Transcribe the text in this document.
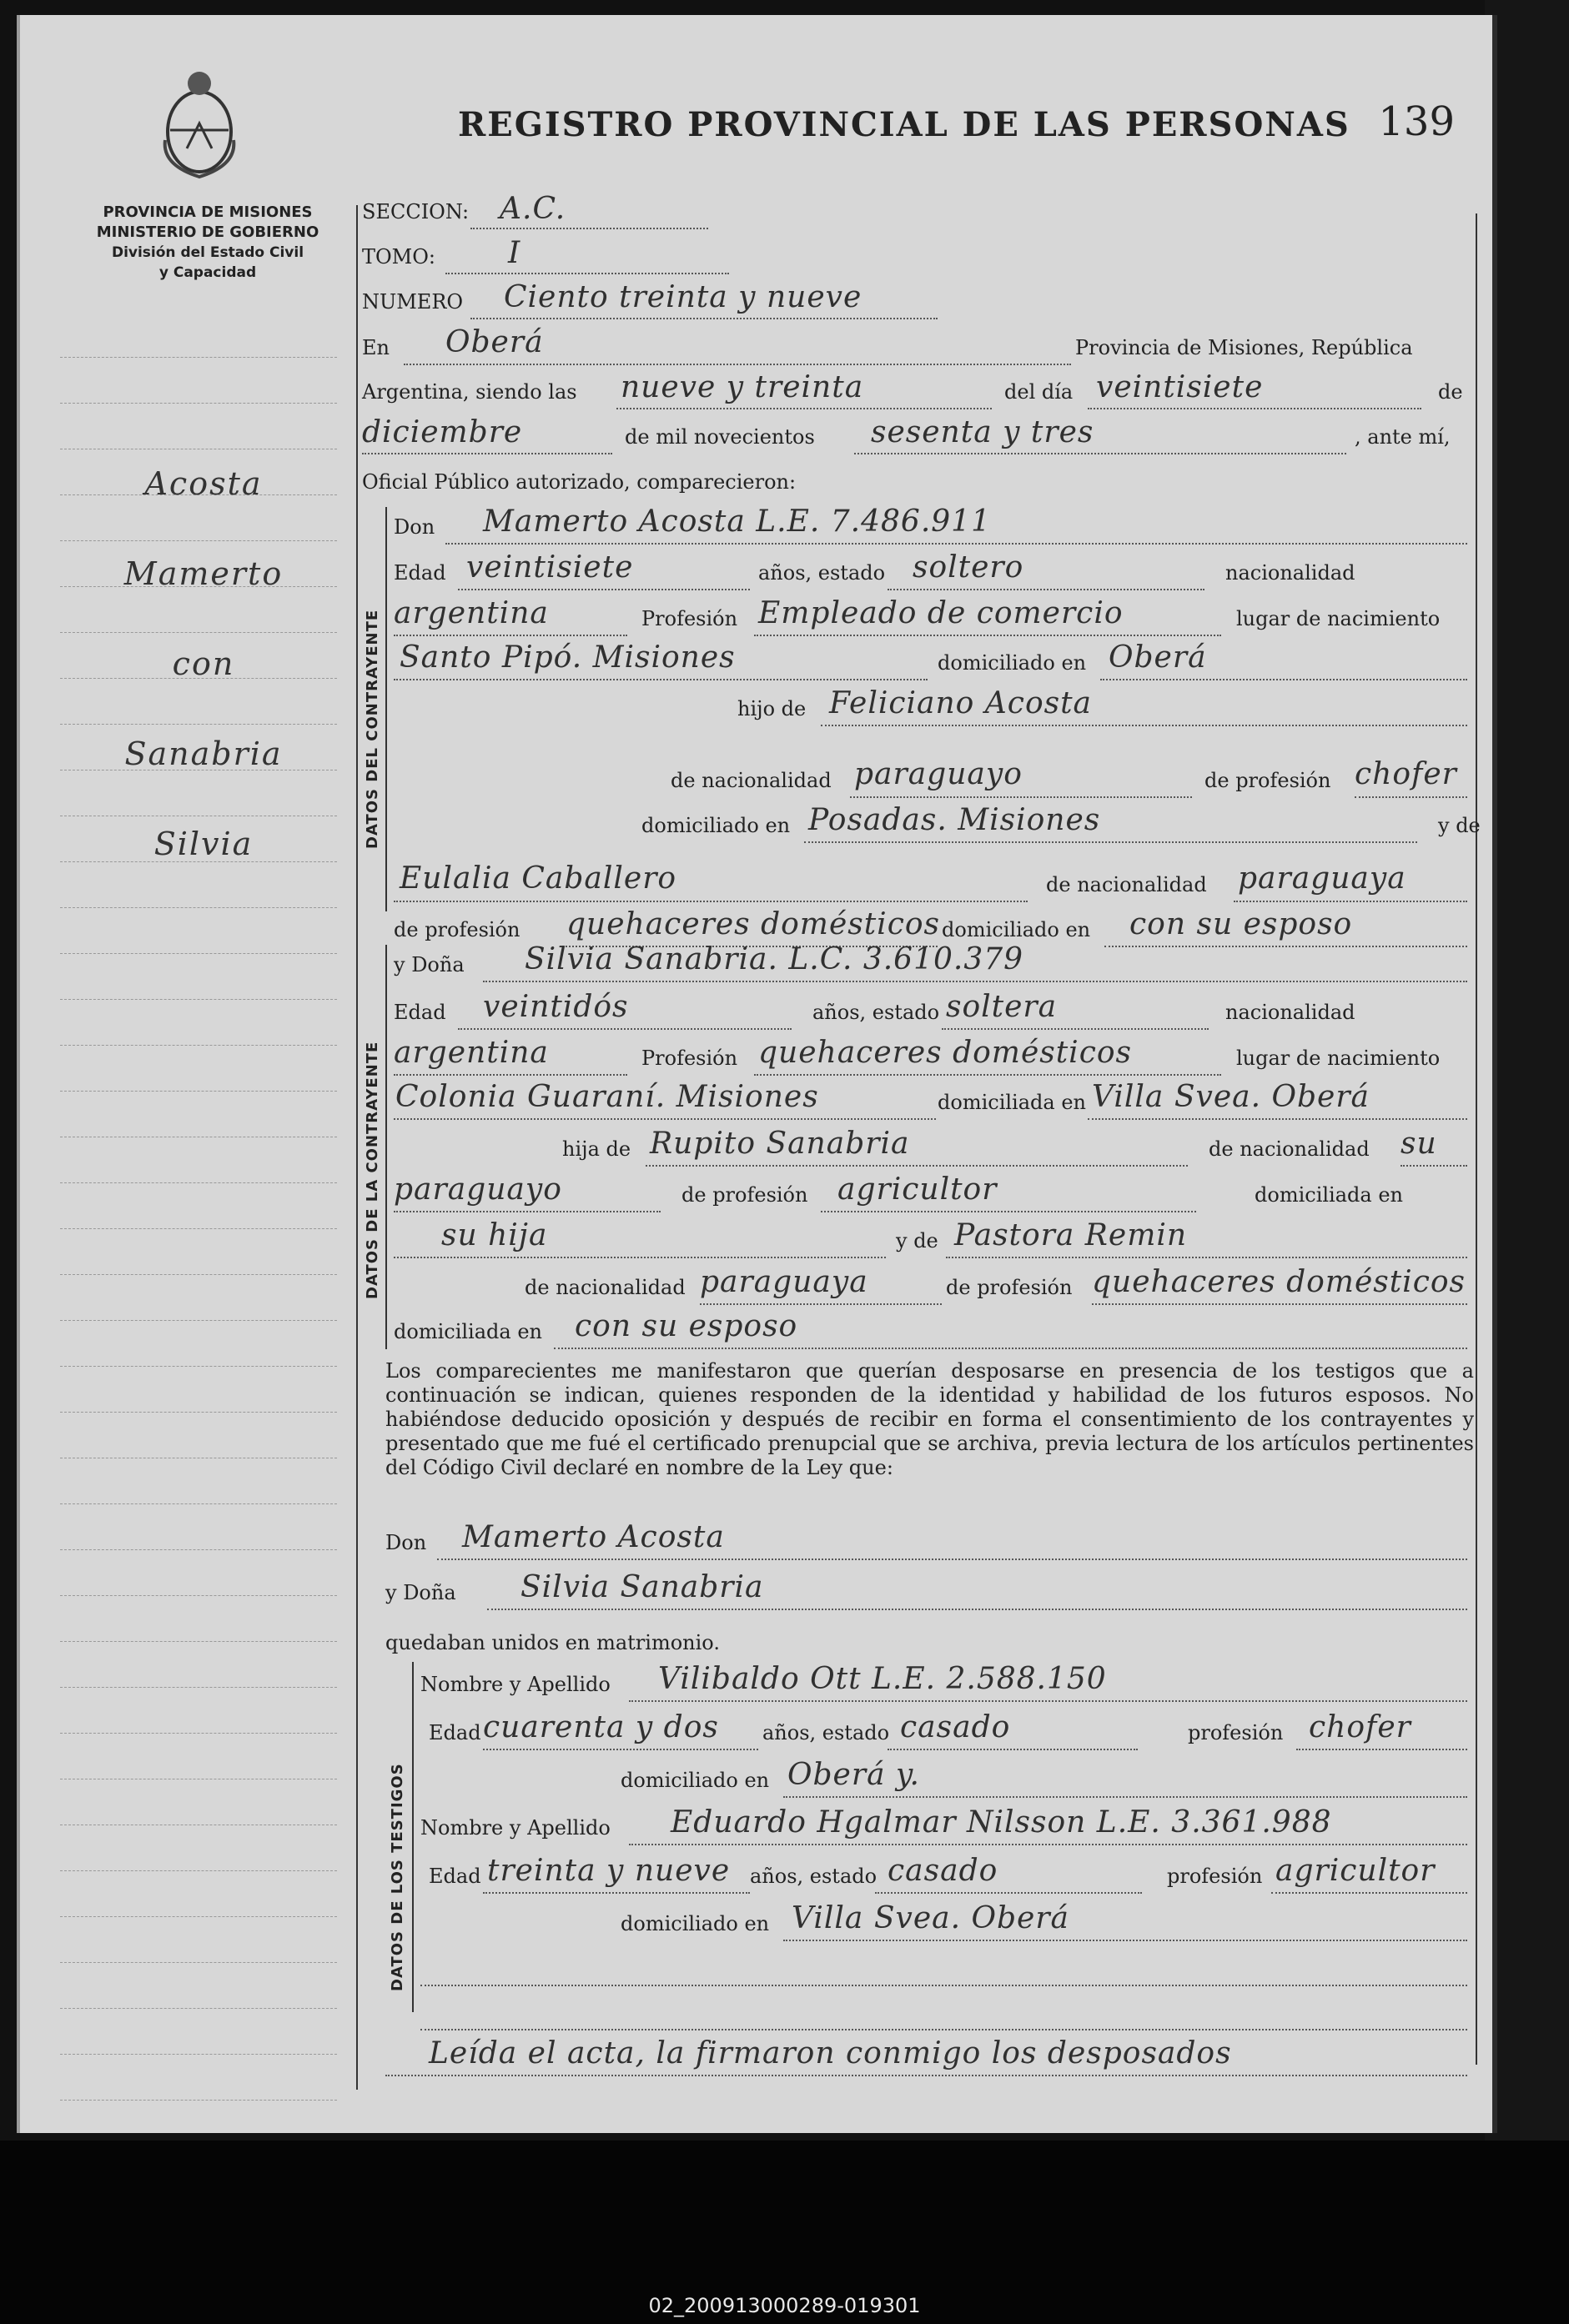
REGISTRO PROVINCIAL DE LAS PERSONAS 139
PROVINCIA DE MISIONES
MINISTERIO DE GOBIERNO
División del Estado Civil
y Capacidad
Acosta
Mamerto
con
Sanabria
Silvia
SECCION: A.C.
TOMO: I
NUMERO Ciento treinta y nueve
En Oberá	Provincia de Misiones, República
Argentina, siendo las nueve y treinta	del día veintisiete	de
diciembre	de mil novecientos sesenta y tres	, ante mí,
Oficial Público autorizado, comparecieron:
DATOS DEL CONTRAYENTE
Don Mamerto Acosta L.E. 7.486.911
Edad veintisiete	años, estado soltero	nacionalidad
argentina	Profesión Empleado de comercio	lugar de nacimiento
Santo Pipó. Misiones	domiciliado en Oberá
hijo de Feliciano Acosta
de nacionalidad paraguayo	de profesión chofer
domiciliado en Posadas. Misiones	y de
Eulalia Caballero	de nacionalidad paraguaya
de profesión quehaceres domésticos domiciliado en con su esposo
DATOS DE LA CONTRAYENTE
y Doña Silvia Sanabria. L.C. 3.610.379
Edad veintidós	años, estado soltera	nacionalidad
argentina	Profesión quehaceres domésticos	lugar de nacimiento
Colonia Guaraní. Misiones	domiciliada en Villa Svea. Oberá
hija de Rupito Sanabria	de nacionalidad su
paraguayo	de profesión agricultor	domiciliada en
su hija	y de Pastora Remin
de nacionalidad paraguaya	de profesión quehaceres domésticos
domiciliada en con su esposo
Los comparecientes me manifestaron que querían desposarse en presencia de los testigos que a continuación se indican, quienes responden de la identidad y habilidad de los futuros esposos. No habiéndose deducido oposición y después de recibir en forma el consentimiento de los contrayentes y presentado que me fué el certificado prenupcial que se archiva, previa lectura de los artículos pertinentes del Código Civil declaré en nombre de la Ley que:
Don Mamerto Acosta
y Doña Silvia Sanabria
quedaban unidos en matrimonio.
DATOS DE LOS TESTIGOS
Nombre y Apellido Vilibaldo Ott L.E. 2.588.150
Edad cuarenta y dos años, estado casado	profesión chofer
domiciliado en Oberá y.
Nombre y Apellido Eduardo Hgalmar Nilsson L.E. 3.361.988
Edad treinta y nueve años, estado casado	profesión agricultor
domiciliado en Villa Svea. Oberá
Leída el acta, la firmaron conmigo los desposados
02_200913000289-019301
